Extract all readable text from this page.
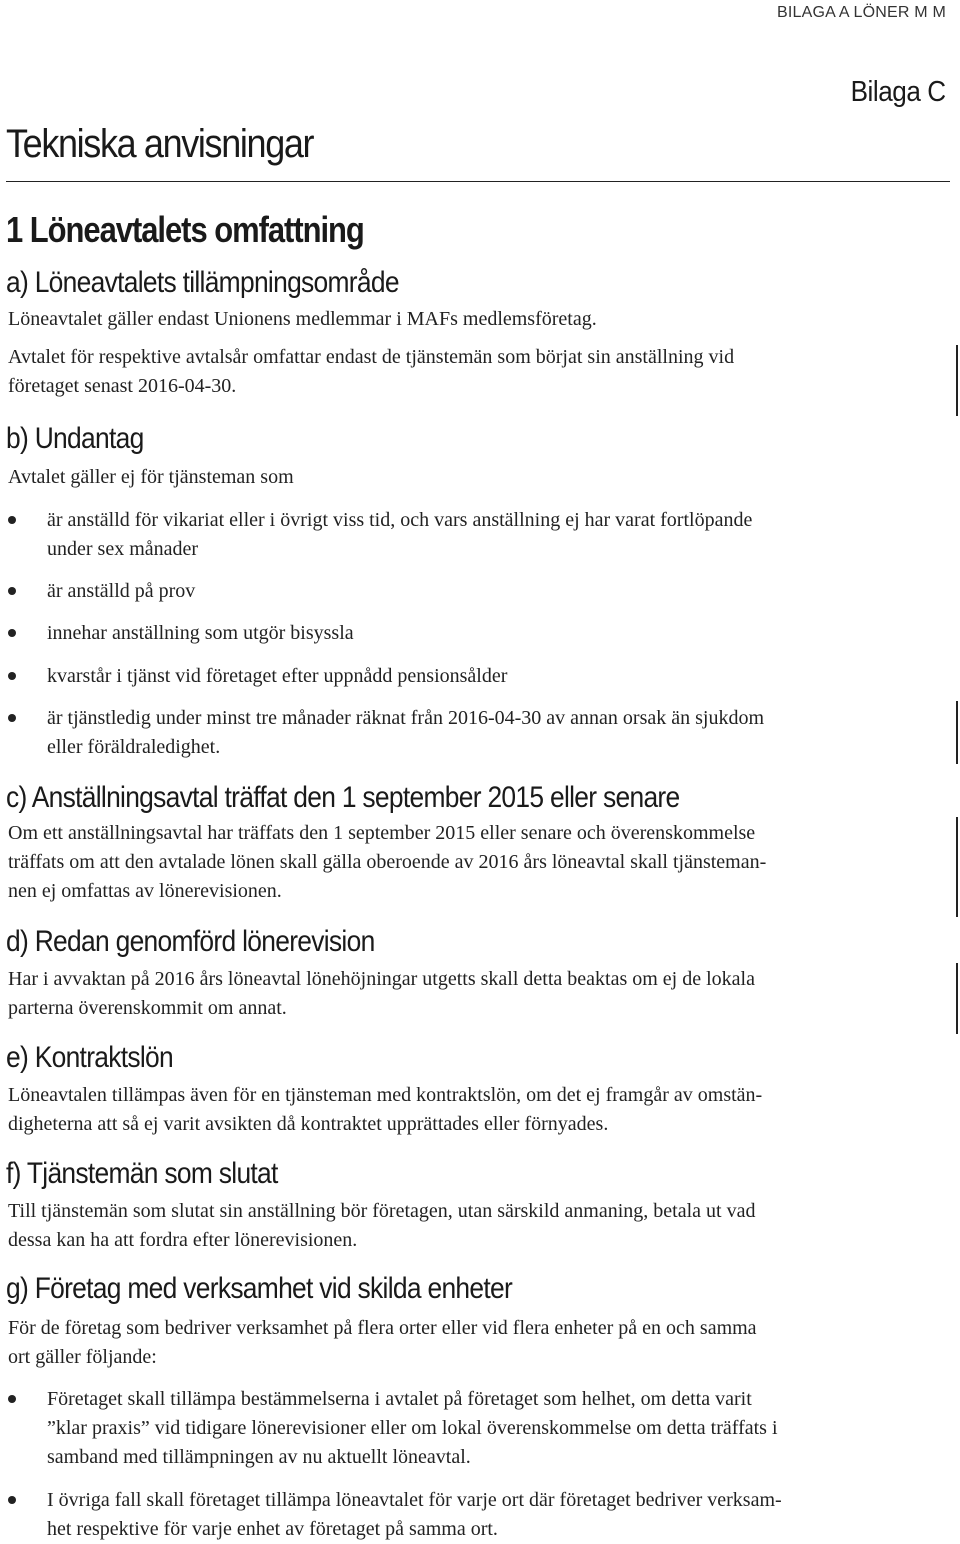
BILAGA A LÖNER M M
Bilaga C
Tekniska anvisningar
1 Löneavtalets omfattning
a) Löneavtalets tillämpningsområde
Löneavtalet gäller endast Unionens medlemmar i MAFs medlemsföretag.
Avtalet för respektive avtalsår omfattar endast de tjänstemän som börjat sin anställning vid
företaget senast 2016-04-30.
b) Undantag
Avtalet gäller ej för tjänsteman som
är anställd för vikariat eller i övrigt viss tid, och vars anställning ej har varat fortlöpande
under sex månader
är anställd på prov
innehar anställning som utgör bisyssla
kvarstår i tjänst vid företaget efter uppnådd pensionsålder
är tjänstledig under minst tre månader räknat från 2016-04-30 av annan orsak än sjukdom
eller föräldraledighet.
c) Anställningsavtal träffat den 1 september 2015 eller senare
Om ett anställningsavtal har träffats den 1 september 2015 eller senare och överenskommelse
träffats om att den avtalade lönen skall gälla oberoende av 2016 års löneavtal skall tjänsteman-
nen ej omfattas av lönerevisionen.
d) Redan genomförd lönerevision
Har i avvaktan på 2016 års löneavtal lönehöjningar utgetts skall detta beaktas om ej de lokala
parterna överenskommit om annat.
e) Kontraktslön
Löneavtalen tillämpas även för en tjänsteman med kontraktslön, om det ej framgår av omstän-
digheterna att så ej varit avsikten då kontraktet upprättades eller förnyades.
f) Tjänstemän som slutat
Till tjänstemän som slutat sin anställning bör företagen, utan särskild anmaning, betala ut vad
dessa kan ha att fordra efter lönerevisionen.
g) Företag med verksamhet vid skilda enheter
För de företag som bedriver verksamhet på flera orter eller vid flera enheter på en och samma
ort gäller följande:
Företaget skall tillämpa bestämmelserna i avtalet på företaget som helhet, om detta varit
”klar praxis” vid tidigare lönerevisioner eller om lokal överenskommelse om detta träffats i
samband med tillämpningen av nu aktuellt löneavtal.
I övriga fall skall företaget tillämpa löneavtalet för varje ort där företaget bedriver verksam-
het respektive för varje enhet av företaget på samma ort.
